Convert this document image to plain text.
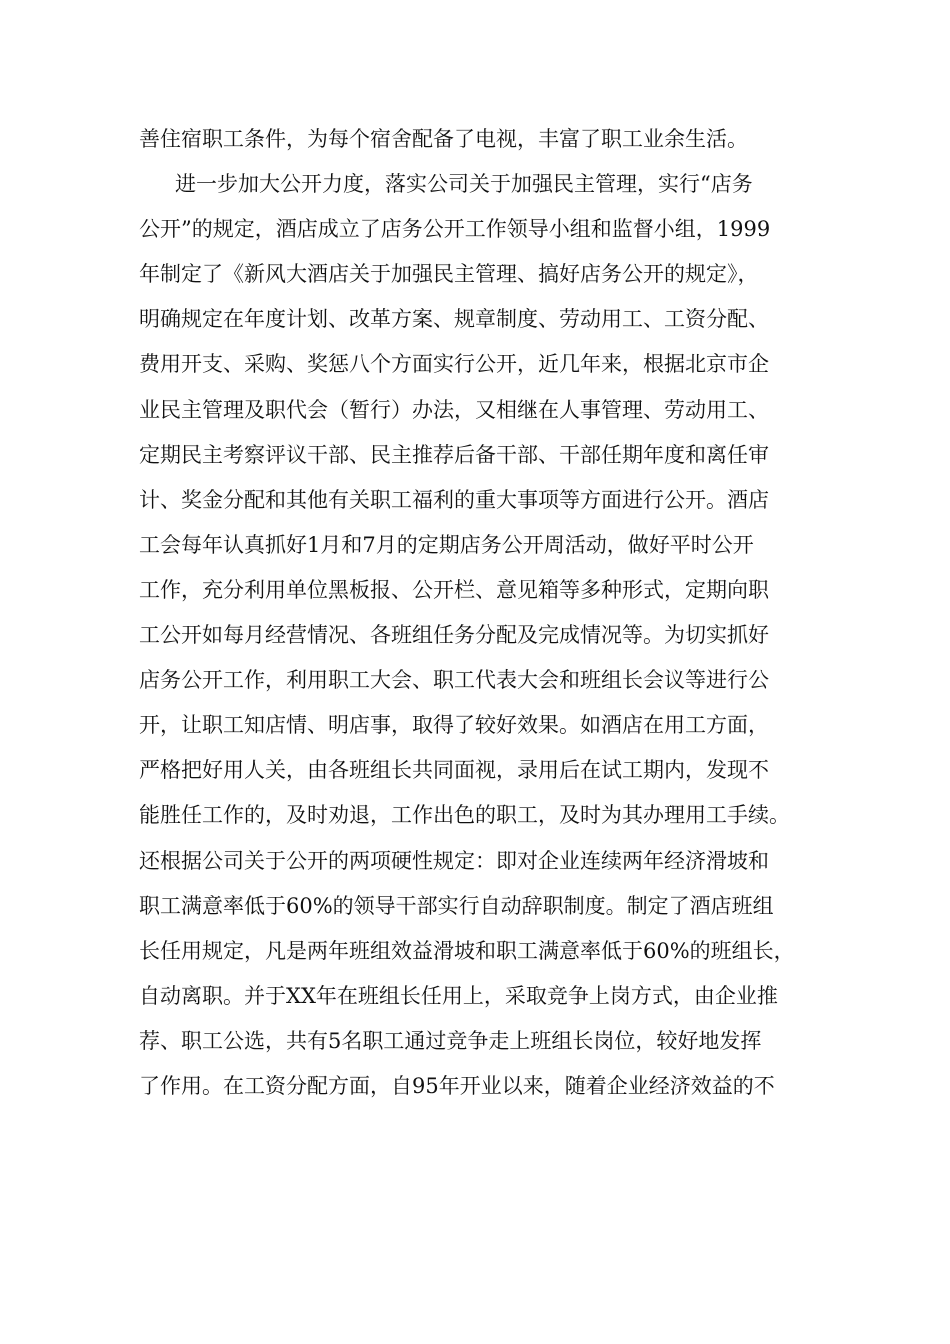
善住宿职工条件，为每个宿舍配备了电视，丰富了职工业余生活。
进一步加大公开力度，落实公司关于加强民主管理，实行“店务
公开”的规定，酒店成立了店务公开工作领导小组和监督小组，1999
年制定了《新风大酒店关于加强民主管理、搞好店务公开的规定》，
明确规定在年度计划、改革方案、规章制度、劳动用工、工资分配、
费用开支、采购、奖惩八个方面实行公开，近几年来，根据北京市企
业民主管理及职代会（暂行）办法，又相继在人事管理、劳动用工、
定期民主考察评议干部、民主推荐后备干部、干部任期年度和离任审
计、奖金分配和其他有关职工福利的重大事项等方面进行公开。酒店
工会每年认真抓好1月和7月的定期店务公开周活动，做好平时公开
工作，充分利用单位黑板报、公开栏、意见箱等多种形式，定期向职
工公开如每月经营情况、各班组任务分配及完成情况等。为切实抓好
店务公开工作，利用职工大会、职工代表大会和班组长会议等进行公
开，让职工知店情、明店事，取得了较好效果。如酒店在用工方面，
严格把好用人关，由各班组长共同面视，录用后在试工期内，发现不
能胜任工作的，及时劝退，工作出色的职工，及时为其办理用工手续。
还根据公司关于公开的两项硬性规定：即对企业连续两年经济滑坡和
职工满意率低于60%的领导干部实行自动辞职制度。制定了酒店班组
长任用规定，凡是两年班组效益滑坡和职工满意率低于60%的班组长，
自动离职。并于XX年在班组长任用上，采取竞争上岗方式，由企业推
荐、职工公选，共有5名职工通过竞争走上班组长岗位，较好地发挥
了作用。在工资分配方面，自95年开业以来，随着企业经济效益的不
